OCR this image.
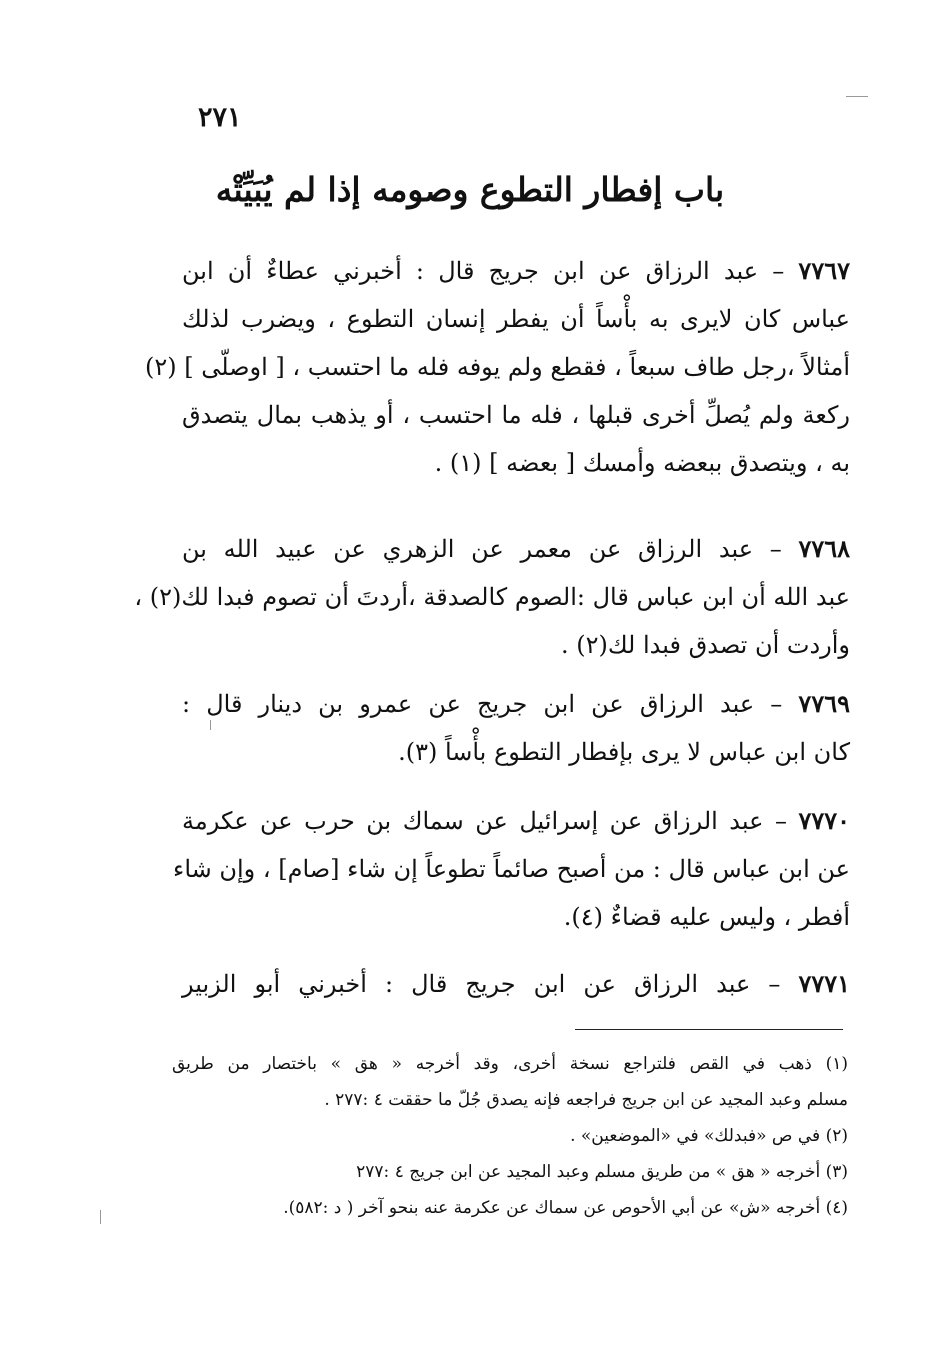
٢٧١
باب إفطار التطوع وصومه إذا لم يُبَيِّتْه
٧٧٦٧ – عبد الرزاق عن ابن جريج قال : أخبرني عطاءٌ أن ابن
عباس كان لايرى به بأْساً أن يفطر إنسان التطوع ، ويضرب لذلك
أمثالاً ،رجل طاف سبعاً ، فقطع ولم يوفه فله ما احتسب ، [ اوصلّى ] (٢)
ركعة ولم يُصلِّ أخرى قبلها ، فله ما احتسب ، أو يذهب بمال يتصدق
به ، ويتصدق ببعضه وأمسك [ بعضه ] (١) .
٧٧٦٨ – عبد الرزاق عن معمر عن الزهري عن عبيد الله بن
عبد الله أن ابن عباس قال :الصوم كالصدقة ،أردتَ أن تصوم فبدا لك(٢) ،
وأردت أن تصدق فبدا لك(٢) .
٧٧٦٩ – عبد الرزاق عن ابن جريج عن عمرو بن دينار قال :
كان ابن عباس لا يرى بإفطار التطوع بأْساً (٣).
٧٧٧٠ – عبد الرزاق عن إسرائيل عن سماك بن حرب عن عكرمة
عن ابن عباس قال : من أصبح صائماً تطوعاً إن شاء [صام] ، وإن شاء
أفطر ، وليس عليه قضاءٌ (٤).
٧٧٧١ – عبد الرزاق عن ابن جريج قال : أخبرني أبو الزبير
(١) ذهب في القص فلتراجع نسخة أخرى، وقد أخرجه « هق » باختصار من طريق
مسلم وعبد المجيد عن ابن جريج فراجعه فإنه يصدق جُلّ ما حققت ٤ :٢٧٧ .
(٢) في ص «فبدلك» في «الموضعين» .
(٣) أخرجه « هق » من طريق مسلم وعبد المجيد عن ابن جريج ٤ :٢٧٧
(٤) أخرجه «ش» عن أبي الأحوص عن سماك عن عكرمة عنه بنحو آخر ( د :٥٨٢).
